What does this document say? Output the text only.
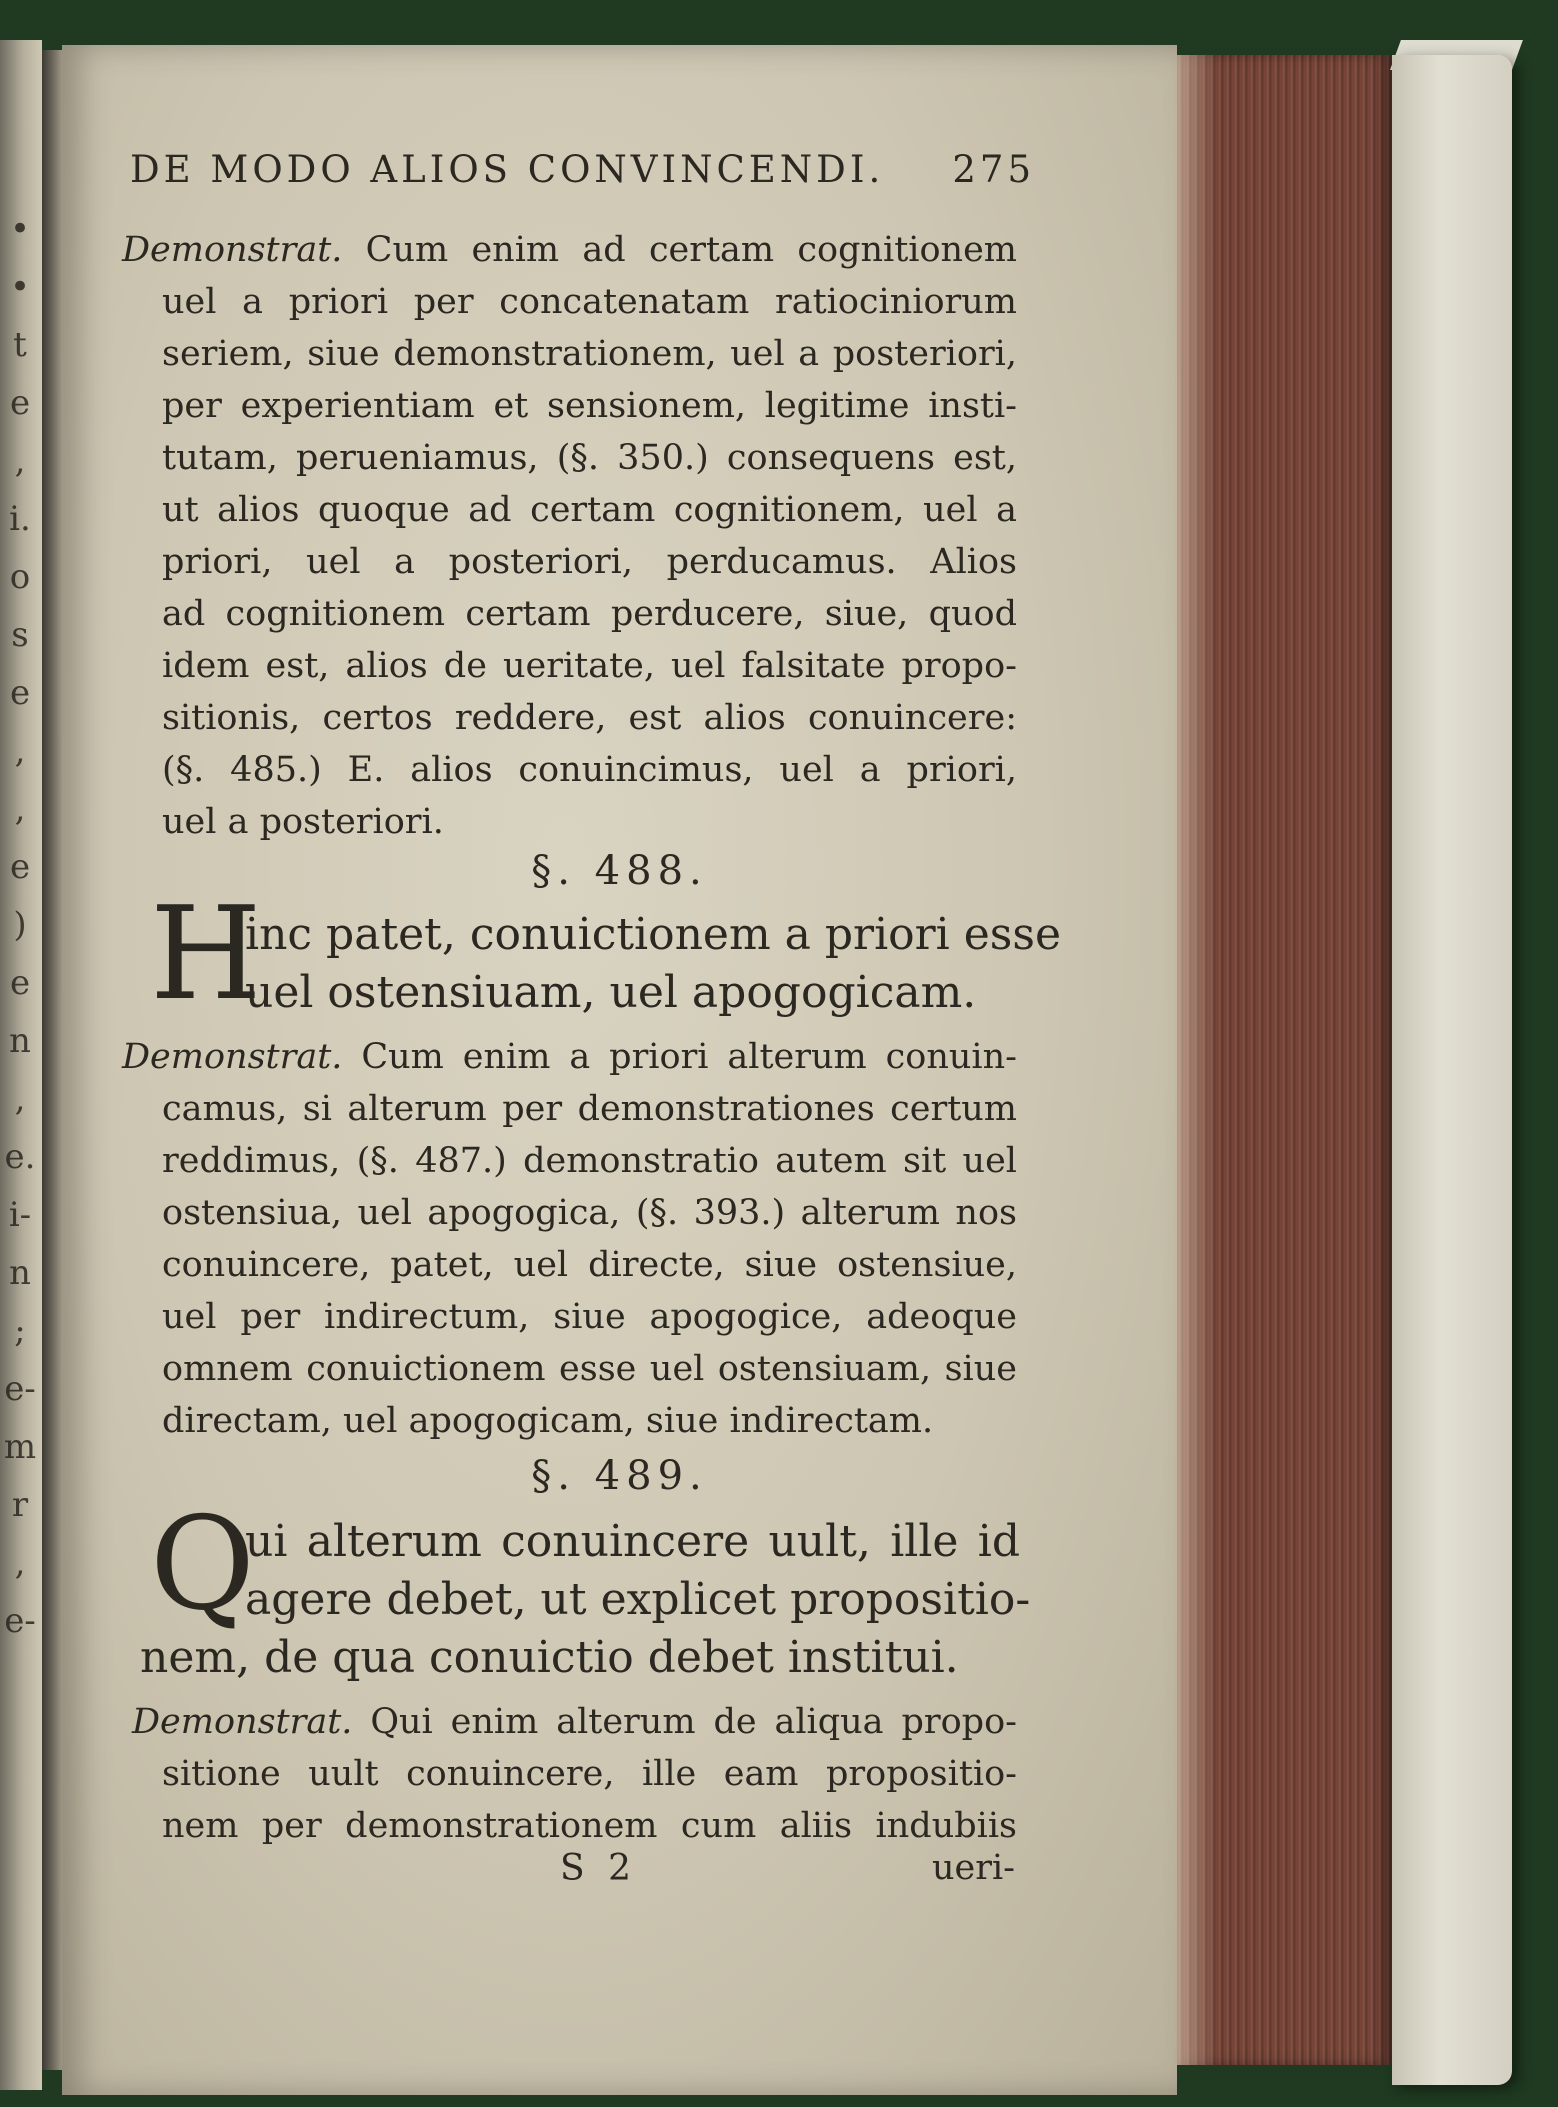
•
•
t
e
,
i.
o
s
e
,
,
e
)
e
n
,
e.
i-
n
;
e-
m
r
,
e-
DE MODO ALIOS CONVINCENDI. 275
Demonstrat. Cum enim ad certam cognitionem
uel a priori per concatenatam ratiociniorum
seriem, siue demonstrationem, uel a posteriori,
per experientiam et sensionem, legitime insti-
tutam, perueniamus, (§. 350.) consequens est,
ut alios quoque ad certam cognitionem, uel a
priori, uel a posteriori, perducamus. Alios
ad cognitionem certam perducere, siue, quod
idem est, alios de ueritate, uel falsitate propo-
sitionis, certos reddere, est alios conuincere:
(§. 485.) E. alios conuincimus, uel a priori,
uel a posteriori.
§. 488.
H
inc patet, conuictionem a priori esse
uel ostensiuam, uel apogogicam.
Demonstrat. Cum enim a priori alterum conuin-
camus, si alterum per demonstrationes certum
reddimus, (§. 487.) demonstratio autem sit uel
ostensiua, uel apogogica, (§. 393.) alterum nos
conuincere, patet, uel directe, siue ostensiue,
uel per indirectum, siue apogogice, adeoque
omnem conuictionem esse uel ostensiuam, siue
directam, uel apogogicam, siue indirectam.
§. 489.
Q
ui alterum conuincere uult, ille id
agere debet, ut explicet propositio-
nem, de qua conuictio debet institui.
Demonstrat. Qui enim alterum de aliqua propo-
sitione uult conuincere, ille eam propositio-
nem per demonstrationem cum aliis indubiis
S 2	ueri-
